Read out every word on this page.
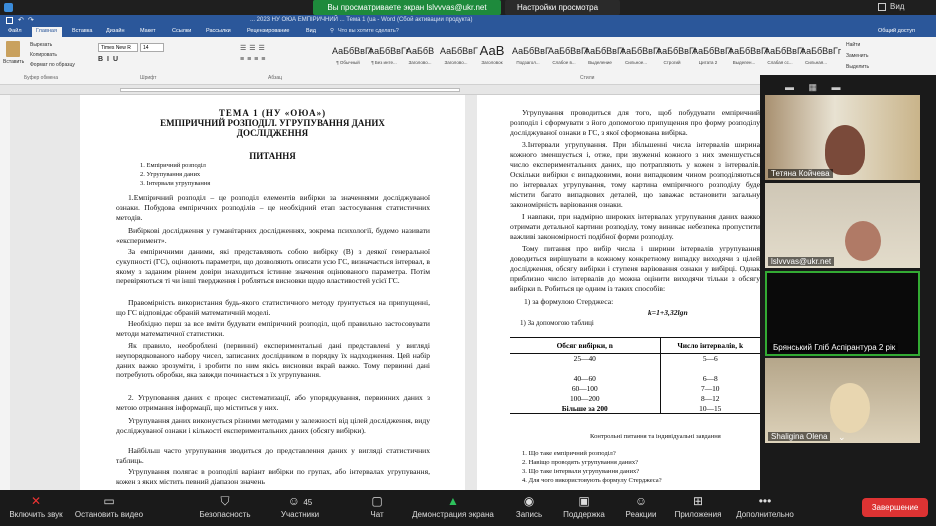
Вы просматриваете экран lslvvvas@ukr.net	Настройки просмотра	Вид
↶ ↷	... 2023 НУ ОЮА ЕМПІРИЧНИЙ ... Тема 1 (ua - Word (Сбой активации продукта)
Файл	Главная	Вставка Дизайн	Макет	Ссылки	Рассылки	Рецензирование	Вид	⚲ Что вы хотите сделать?	Общий доступ
Вставить
Вырезать
Копировать
Формат по образцу
Буфер обмена
Times New R	14
BIU
Шрифт
☰☰☰
≡≡≡≡
Абзац	Стили
Найти
Заменить
Выделить
ТЕМА 1 (НУ «ОЮА»)
ЕМПІРИЧНИЙ РОЗПОДІЛ. УГРУПУВАННЯ ДАНИХ ДОСЛІДЖЕННЯ
ПИТАННЯ
1. Емпіричний розподіл
2. Угрупування даних
3. Інтервали угрупування
1.Емпіричний розподіл – це розподіл елементів вибірки за значеннями досліджуваної ознаки. Побудова емпіричних розподілів – це необхідний етап застосування статистичних методів.
Вибіркові дослідження у гуманітарних дослідженнях, зокрема психології, будемо називати «експеримент».
За емпіричними даними, які представляють собою вибірку (В) з деякої генеральної сукупності (ГС), оцінюють параметри, що дозволяють описати усю ГС, визначається інтервал, в якому з заданим рівнем довіри знаходиться істинне значення оцінюваного параметра. Потім перевіряються ті чи інші твердження і робляться висновки щодо властивостей усієї ГС.
Правомірність використання будь-якого статистичного методу ґрунтується на припущенні, що ГС відповідає обраній математичній моделі.
Необхідно перш за все вміти будувати емпіричний розподіл, щоб правильно застосовувати методи математичної статистики.
Як правило, необроблені (первинні) експериментальні дані представлені у вигляді неупорядкованого набору чисел, записаних дослідником в порядку їх надходження. Цей набір даних важко зрозуміти, і зробити по ним якісь висновки вкрай важко. Тому первинні дані потребують обробки, яка завжди починається з їх угрупування.
2. Угруповання даних є процес систематизації, або упорядкування, первинних даних з метою отримання інформації, що міститься у них.
Угрупування даних виконується різними методами у залежності від цілей дослідження, виду досліджуваної ознаки і кількості експериментальних даних (обсягу вибірки).
Найбільш часто угрупування зводиться до представлення даних у вигляді статистичних таблиць.
Угрупування полягає в розподілі варіант вибірки по групах, або інтервалах угрупування, кожен з яких містить певний діапазон значень
Угрупування проводиться для того, щоб побудувати емпіричний розподіл і сформувати з його допомогою припущення про форму розподілу досліджуваної ознаки в ГС, з якої сформована вибірка.
3.Інтервали угрупування. При збільшенні числа інтервалів ширина кожного зменшується і, отже, при звуженні кожного з них зменшується число експериментальних даних, що потрапляють у кожен з інтервалів. Оскільки вибірки є випадковими, вони випадковим чином розподіляються по інтервалах угрупування, тому картина емпіричного розподілу буде містити багато випадкових деталей, що заважає встановити загальну закономірність варіювання ознаки.
І навпаки, при надмірно широких інтервалах угрупування даних важко отримати детальної картини розподілу, тому виникає небезпека пропустити важливі закономірності подібної форми розподілу.
Тому питання про вибір числа і ширини інтервалів угрупування доводиться вирішувати в кожному конкретному випадку виходячи з цілей дослідження, обсягу вибірки і ступеня варіювання ознаки у вибірці. Однак приблизно число інтервалів до можна оцінити виходячи тільки з обсягу вибірки n. Робиться це одним із таких способів:
1) за формулою Стерджеса:
k=1+3,32lgn
1) За допомогою таблиці
Обсяг вибірки, n	Число інтервалів, k
25—40	5—6

40—60	6—8
60—100	7—10
100—200	8—12
Більше за 200	10—15
Контрольні питання та індивідуальні завдання
1. Що таке емпіричний розподіл?
2. Навіщо проводять угрупування даних?
3. Що таке інтервали угрупування даних?
4. Для чого використовують формулу Стерджеса?
▬ ▦ ▬
Тетяна Койчева
lslvvvas@ukr.net
Брянський Гліб Аспірантура 2 рік
Shaligina Olena	⌄
✕
Включить звук
▭
Остановить видео
⛉
Безопасность
☺ 45
Участники
▢
Чат
▲
Демонстрация экрана
◉
Запись
▣
Поддержка
☺
Реакции
⊞
Приложения
•••
Дополнительно
Завершение
АаБбВвГг
¶ Обычный
АаБбВвГг
¶ Без инте...
АаБбВ
Заголово...
АаБбВвГ
Заголово...
АаВ
Заголовок
АаБбВвГ
Подзагол...
АаБбВвГг
Слабое в...
АаБбВвГг
Выделение
АаБбВвГг
Сильное...
АаБбВвГг
Строгий
АаБбВвГг
Цитата 2
АаБбВвГг
Выделен...
АаБбВвГг
Слабая сс...
АаБбВвГг
Сильная...
